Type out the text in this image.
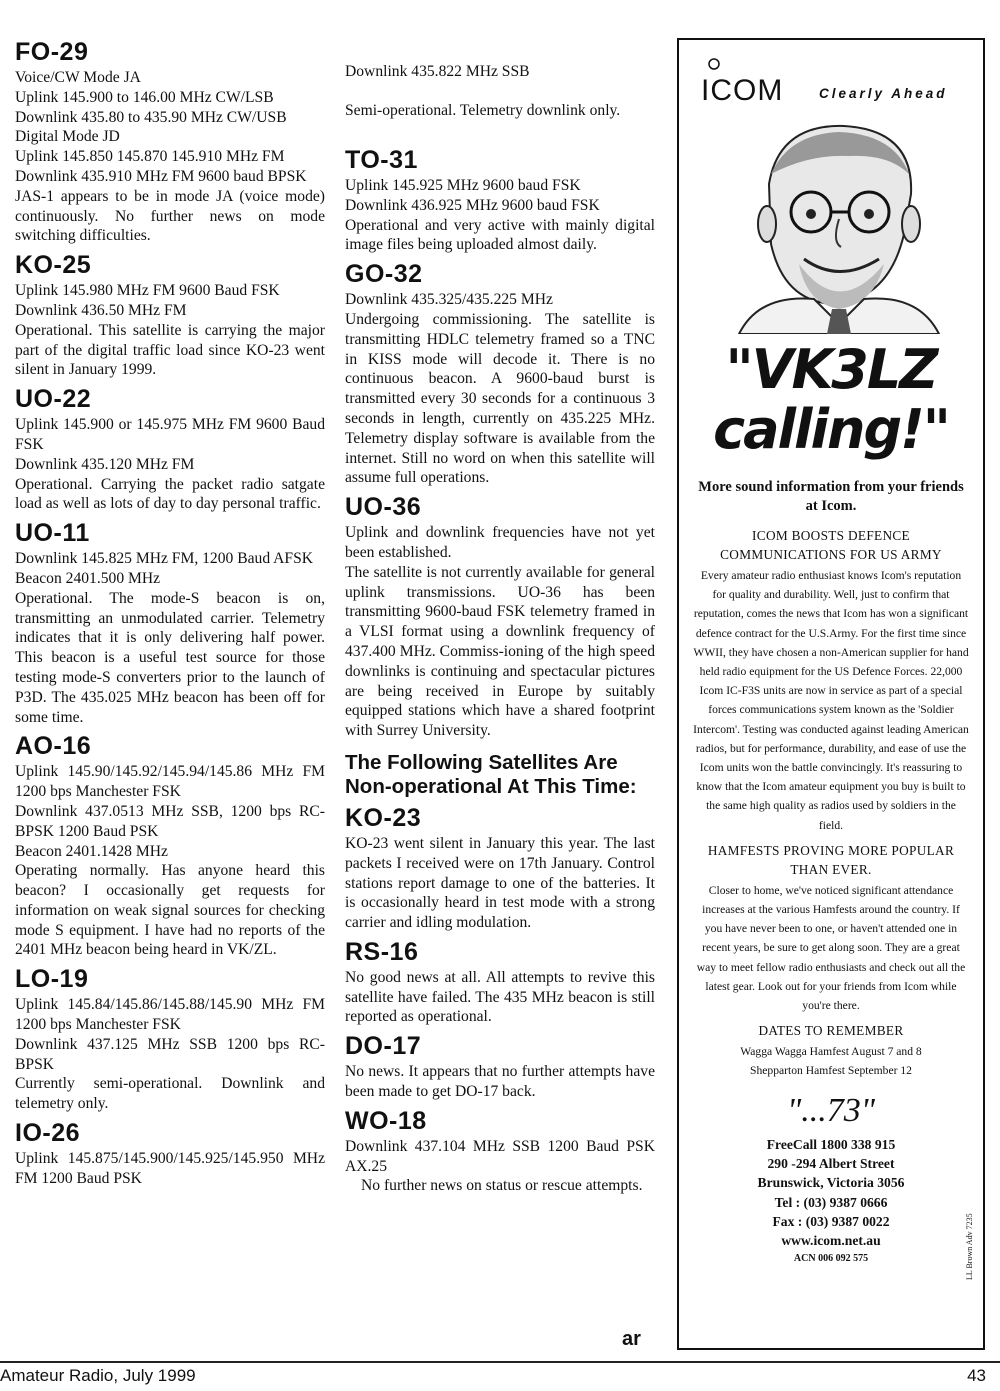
FO-29

Voice/CW Mode JA

Uplink 145.900 to 146.00 MHz CW/LSB

Downlink 435.80 to 435.90 MHz CW/USB

Digital Mode JD

Uplink 145.850 145.870 145.910 MHz FM

Downlink 435.910 MHz FM 9600 baud BPSK

JAS-1 appears to be in mode JA (voice mode) continuously. No further news on mode switching difficulties.

KO-25

Uplink 145.980 MHz FM 9600 Baud FSK

Downlink 436.50 MHz FM

Operational. This satellite is carrying the major part of the digital traffic load since KO-23 went silent in January 1999.

UO-22

Uplink 145.900 or 145.975 MHz FM 9600 Baud FSK

Downlink 435.120 MHz FM

Operational. Carrying the packet radio satgate load as well as lots of day to day personal traffic.

UO-11

Downlink 145.825 MHz FM, 1200 Baud AFSK

Beacon 2401.500 MHz

Operational. The mode-S beacon is on, transmitting an unmodulated carrier. Telemetry indicates that it is only delivering half power. This beacon is a useful test source for those testing mode-S converters prior to the launch of P3D. The 435.025 MHz beacon has been off for some time.

AO-16

Uplink 145.90/145.92/145.94/145.86 MHz FM 1200 bps Manchester FSK

Downlink 437.0513 MHz SSB, 1200 bps RC-BPSK 1200 Baud PSK

Beacon 2401.1428 MHz

Operating normally. Has anyone heard this beacon? I occasionally get requests for information on weak signal sources for checking mode S equipment. I have had no reports of the 2401 MHz beacon being heard in VK/ZL.

LO-19

Uplink 145.84/145.86/145.88/145.90 MHz FM 1200 bps Manchester FSK

Downlink 437.125 MHz SSB 1200 bps RC-BPSK

Currently semi-operational. Downlink and telemetry only.

IO-26

Uplink 145.875/145.900/145.925/145.950 MHz FM 1200 Baud PSK

Downlink 435.822 MHz SSB

Semi-operational. Telemetry downlink only.

TO-31

Uplink 145.925 MHz 9600 baud FSK

Downlink 436.925 MHz 9600 baud FSK

Operational and very active with mainly digital image files being uploaded almost daily.

GO-32

Downlink 435.325/435.225 MHz

Undergoing commissioning. The satellite is transmitting HDLC telemetry framed so a TNC in KISS mode will decode it. There is no continuous beacon. A 9600-baud burst is transmitted every 30 seconds for a continuous 3 seconds in length, currently on 435.225 MHz. Telemetry display software is available from the internet. Still no word on when this satellite will assume full operations.

UO-36

Uplink and downlink frequencies have not yet been established.

The satellite is not currently available for general uplink transmissions. UO-36 has been transmitting 9600-baud FSK telemetry framed in a VLSI format using a downlink frequency of 437.400 MHz. Commiss-ioning of the high speed downlinks is continuing and spectacular pictures are being received in Europe by suitably equipped stations which have a shared footprint with Surrey University.

The Following Satellites Are Non-operational At This Time:
KO-23

KO-23 went silent in January this year. The last packets I received were on 17th January. Control stations report damage to one of the batteries. It is occasionally heard in test mode with a strong carrier and idling modulation.

RS-16

No good news at all. All attempts to revive this satellite have failed. The 435 MHz beacon is still reported as operational.

DO-17

No news. It appears that no further attempts have been made to get DO-17 back.

WO-18

Downlink 437.104 MHz SSB 1200 Baud PSK AX.25

No further news on status or rescue attempts.

ar
ICOM	Clearly Ahead
"VK3LZ
calling!"

More sound information from your friends at Icom.

ICOM BOOSTS DEFENCE COMMUNICATIONS FOR US ARMY

Every amateur radio enthusiast knows Icom's reputation for quality and durability. Well, just to confirm that reputation, comes the news that Icom has won a significant defence contract for the U.S.Army. For the first time since WWII, they have chosen a non-American supplier for hand held radio equipment for the US Defence Forces. 22,000 Icom IC-F3S units are now in service as part of a special forces communications system known as the 'Soldier Intercom'. Testing was conducted against leading American radios, but for performance, durability, and ease of use the Icom units won the battle convincingly. It's reassuring to know that the Icom amateur equipment you buy is built to the same high quality as radios used by soldiers in the field.

HAMFESTS PROVING MORE POPULAR THAN EVER.

Closer to home, we've noticed significant attendance increases at the various Hamfests around the country. If you have never been to one, or haven't attended one in recent years, be sure to get along soon. They are a great way to meet fellow radio enthusiasts and check out all the latest gear. Look out for your friends from Icom while you're there.

DATES TO REMEMBER

Wagga Wagga Hamfest August 7 and 8

Shepparton Hamfest September 12

"...73"

FreeCall 1800 338 915

290 -294 Albert Street

Brunswick, Victoria 3056

Tel : (03) 9387 0666

Fax : (03) 9387 0022

www.icom.net.au

ACN 006 092 575	LL Brown Adv 7235
Amateur Radio, July 1999	43
